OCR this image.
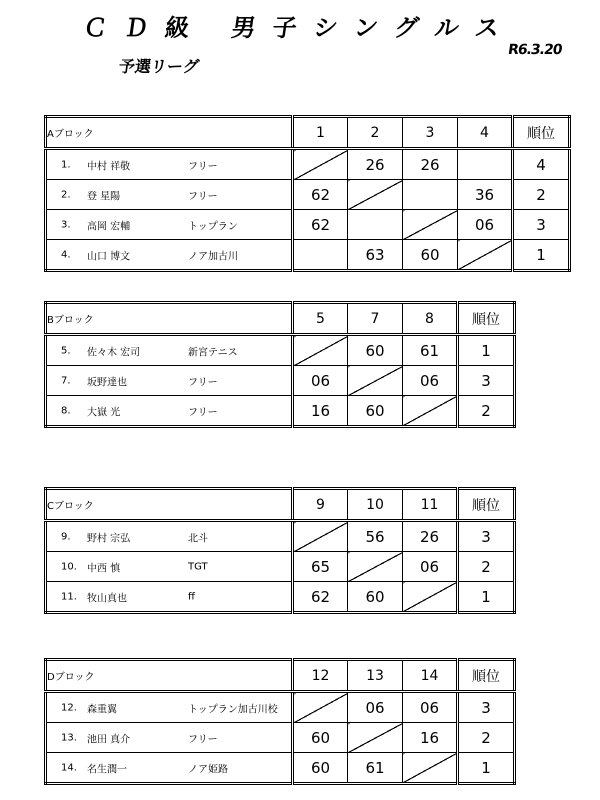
ＣＤ級 男子シングルス
R6.3.20
予選リーグ
Aブロック	1	2	3	4	順位

1. 中村 祥敬 フリー		26	26		4

2. 登 星陽 フリー	62			36	2

3. 高岡 宏輔 トップラン	62			06	3

4. 山口 博文 ノア加古川		63	60		1
Bブロック	5	7	8	順位

5. 佐々木 宏司 新宮テニス		60	61	1

7. 坂野達也 フリー	06		06	3

8. 大嶽 光 フリー	16	60		2
Cブロック	9	10	11	順位

9. 野村 宗弘 北斗		56	26	3

10. 中西 慎 TGT	65		06	2

11. 牧山真也 ff	62	60		1
Dブロック	12	13	14	順位

12. 森重翼 トップラン加古川校		06	06	3

13. 池田 真介 フリー	60		16	2

14. 名生潤一 ノア姫路	60	61		1
